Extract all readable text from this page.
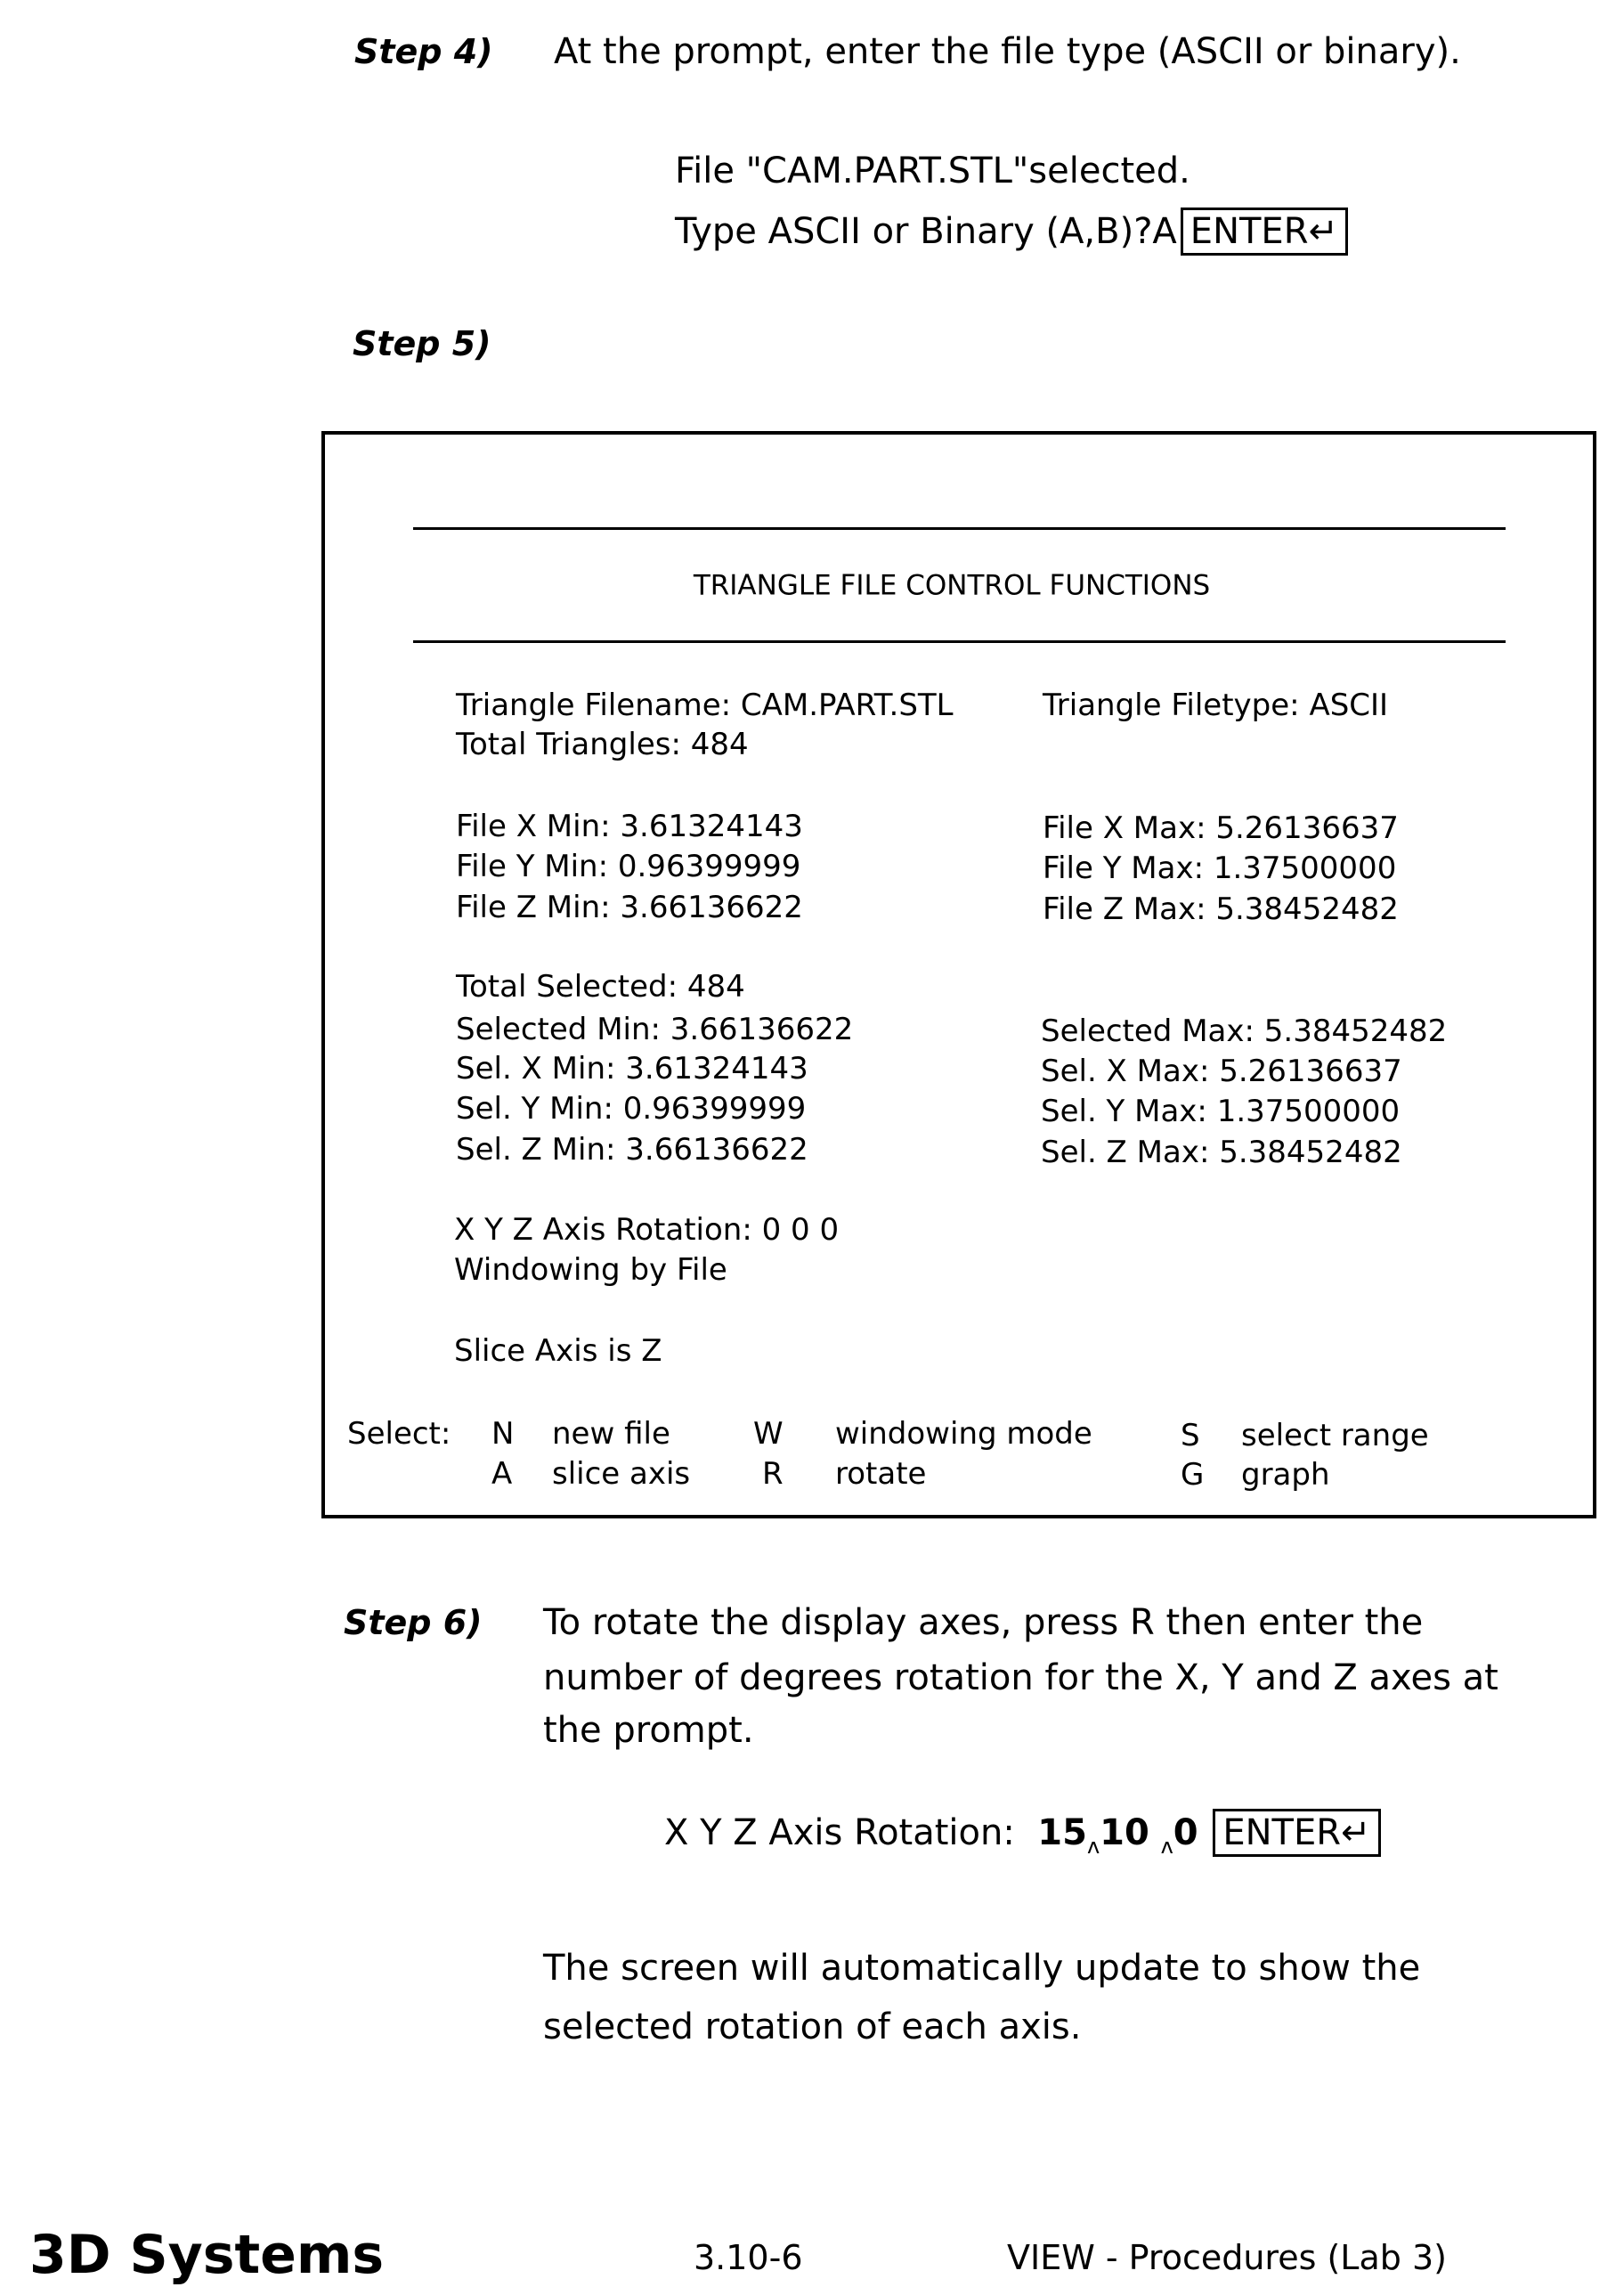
Step 4) At the prompt, enter the file type (ASCII or binary).
File "CAM.PART.STL"selected.
Type ASCII or Binary (A,B)?A ENTER↵
Step 5)
TRIANGLE FILE CONTROL FUNCTIONS
Triangle Filename: CAM.PART.STL	Triangle Filetype: ASCII
Total Triangles: 484
File X Min: 3.61324143
File Y Min: 0.96399999
File Z Min: 3.66136622
File X Max: 5.26136637
File Y Max: 1.37500000
File Z Max: 5.38452482
Total Selected: 484
Selected Min: 3.66136622	Selected Max: 5.38452482
Sel. X Min: 3.61324143
Sel. Y Min: 0.96399999
Sel. Z Min: 3.66136622
Sel. X Max: 5.26136637
Sel. Y Max: 1.37500000
Sel. Z Max: 5.38452482
X Y Z Axis Rotation: 0 0 0
Windowing by File
Slice Axis is Z
Select: N new file	W windowing mode	S select range
A slice axis R rotate	G graph
Step 6) To rotate the display axes, press R then enter the
number of degrees rotation for the X, Y and Z axes at
the prompt.
X Y Z Axis Rotation: 15ʌ10 ʌ0 ENTER↵
The screen will automatically update to show the
selected rotation of each axis.
3D Systems	3.10-6	VIEW - Procedures (Lab 3)
